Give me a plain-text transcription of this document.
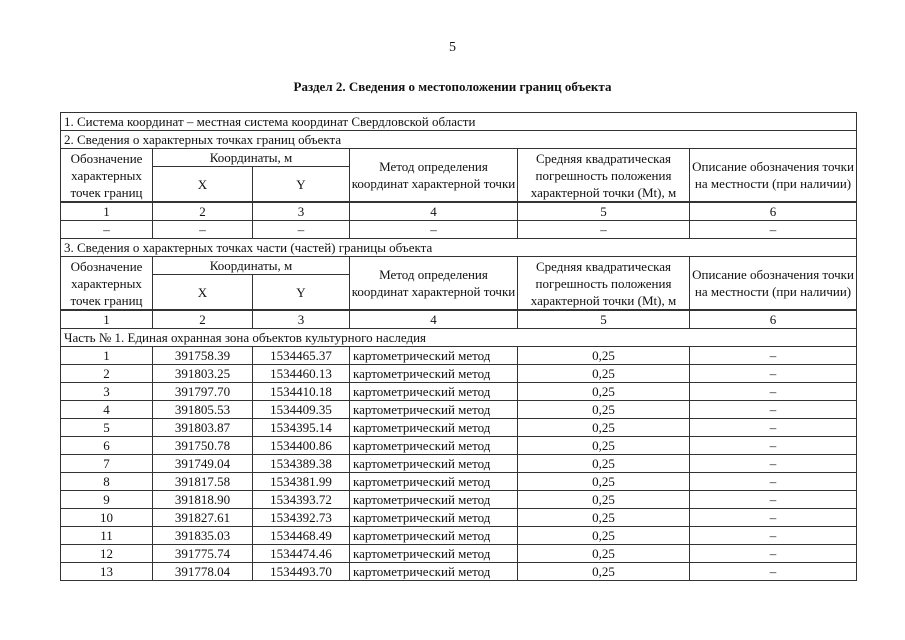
5
Раздел 2. Сведения о местоположении границ объекта
1. Система координат – местная система координат Свердловской области					
2. Сведения о характерных точках границ объекта					
Обозначение характерных точек границ	Координаты, м		Метод определения координат характерной точки	Средняя квадратическая погрешность положения характерной точки (Mt), м	Описание обозначения точки на местности (при наличии)
	X	Y			
1	2	3	4	5	6
–	–	–	–	–	–
3. Сведения о характерных точках части (частей) границы объекта					
Обозначение характерных точек границ	Координаты, м		Метод определения координат характерной точки	Средняя квадратическая погрешность положения характерной точки (Mt), м	Описание обозначения точки на местности (при наличии)
	X	Y			
1	2	3	4	5	6
Часть № 1. Единая охранная зона объектов культурного наследия					
1	391758.39	1534465.37	картометрический метод	0,25	–
2	391803.25	1534460.13	картометрический метод	0,25	–
3	391797.70	1534410.18	картометрический метод	0,25	–
4	391805.53	1534409.35	картометрический метод	0,25	–
5	391803.87	1534395.14	картометрический метод	0,25	–
6	391750.78	1534400.86	картометрический метод	0,25	–
7	391749.04	1534389.38	картометрический метод	0,25	–
8	391817.58	1534381.99	картометрический метод	0,25	–
9	391818.90	1534393.72	картометрический метод	0,25	–
10	391827.61	1534392.73	картометрический метод	0,25	–
11	391835.03	1534468.49	картометрический метод	0,25	–
12	391775.74	1534474.46	картометрический метод	0,25	–
13	391778.04	1534493.70	картометрический метод	0,25	–
